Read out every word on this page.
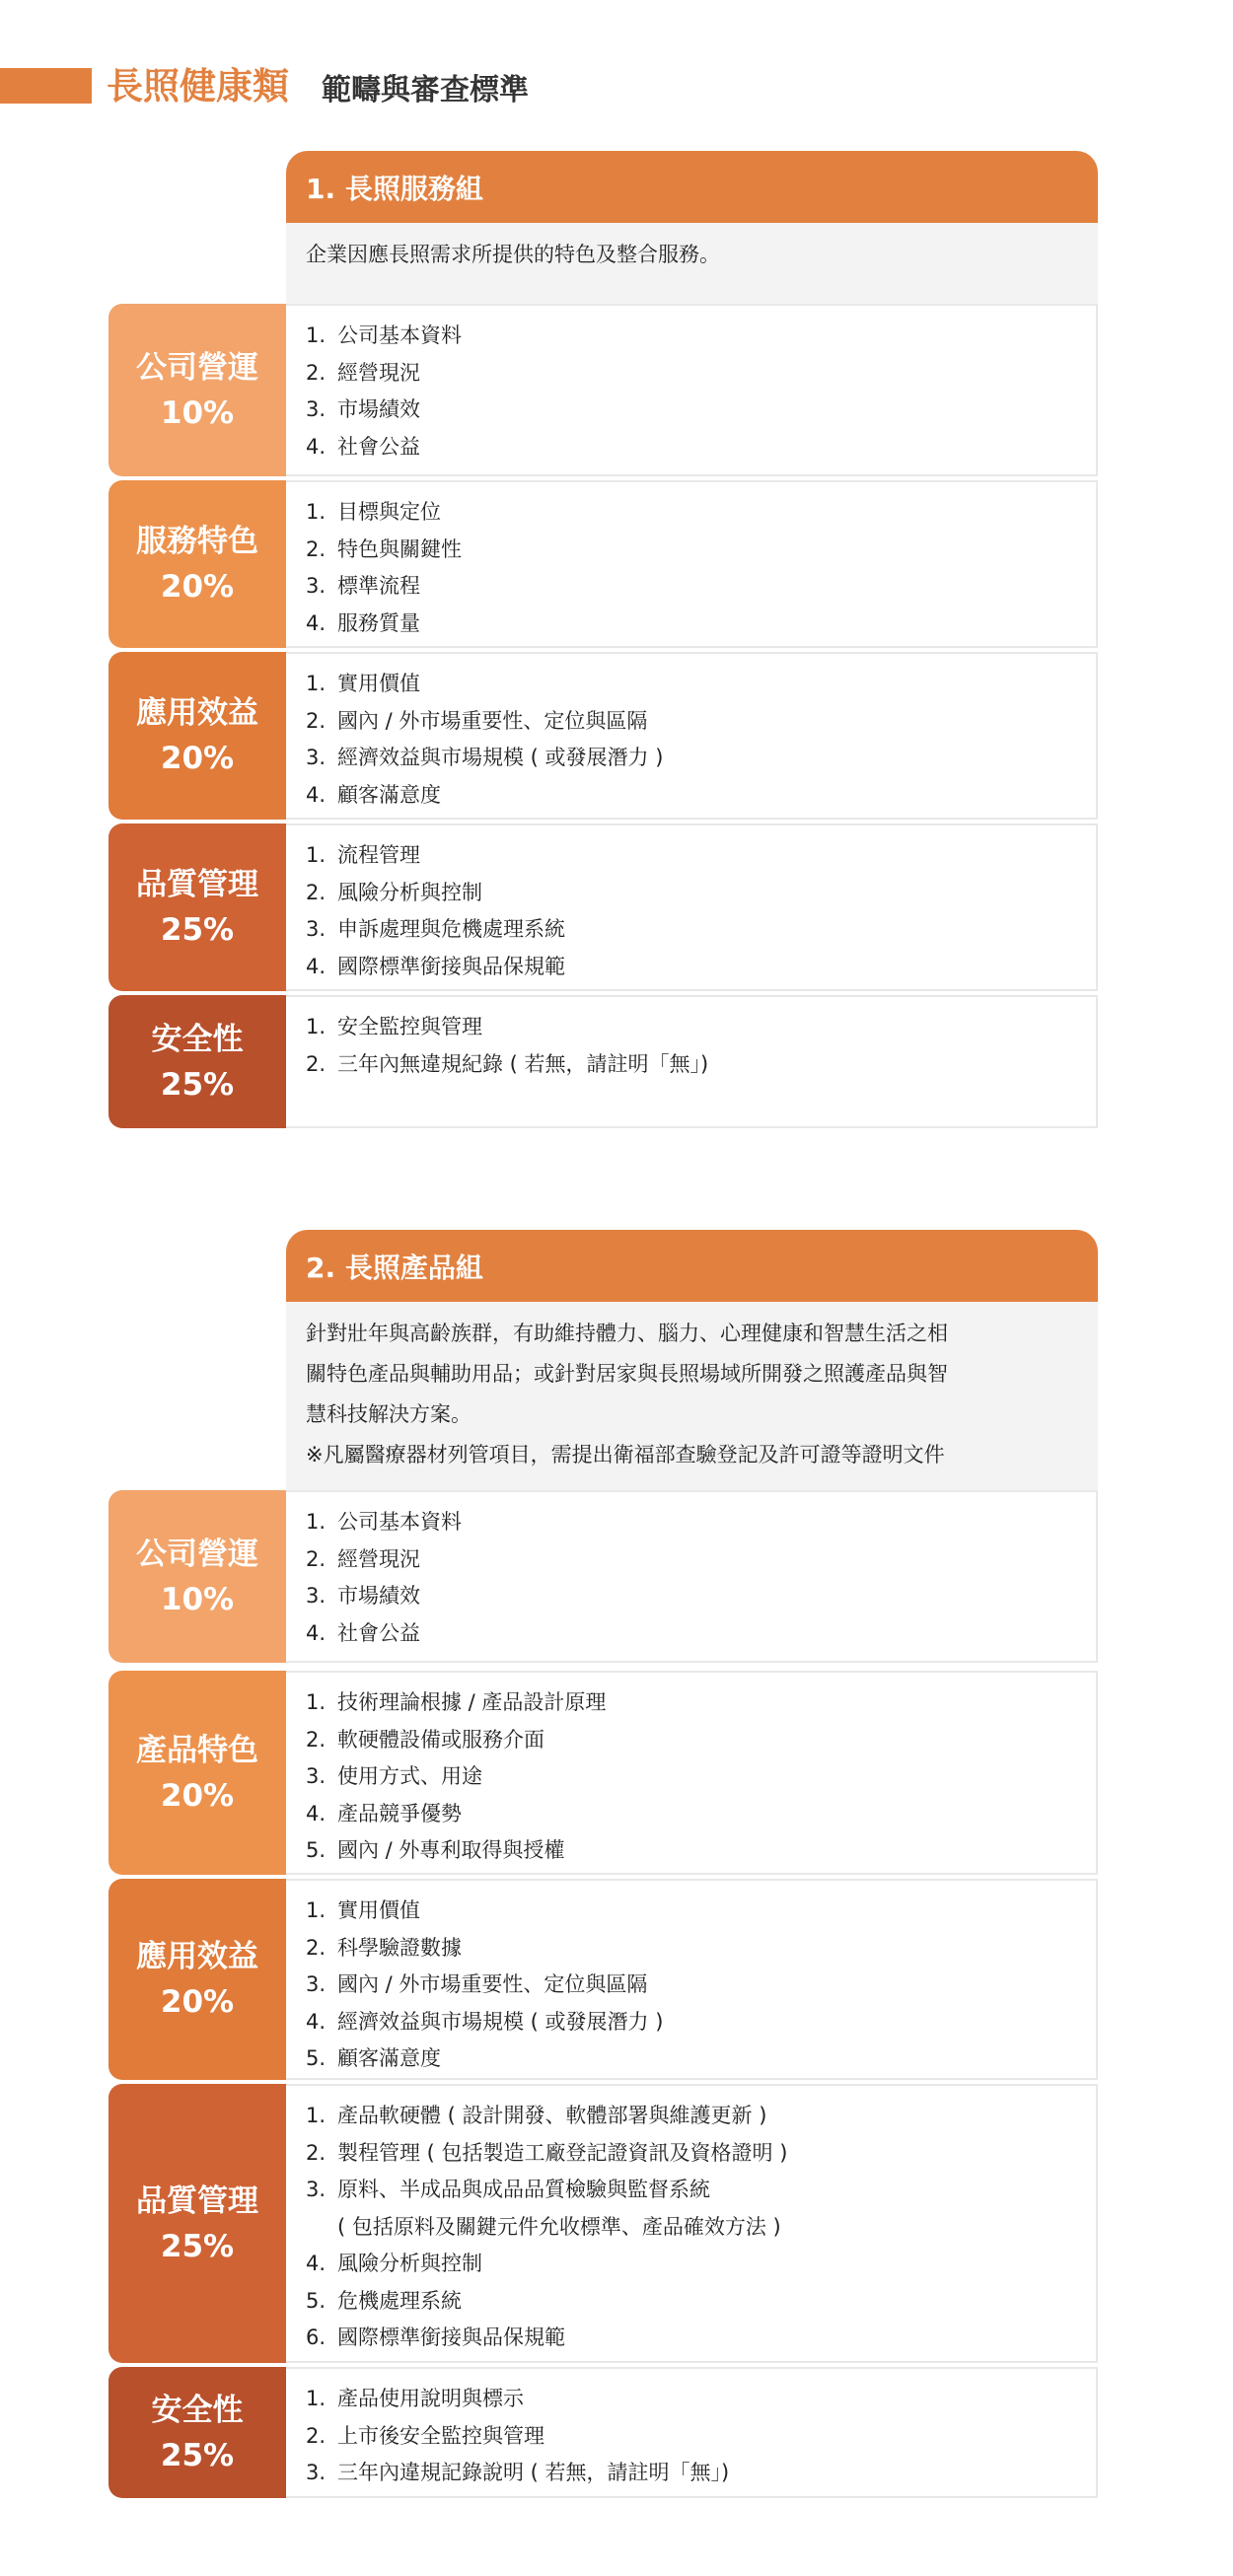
長照健康類 範疇與審查標準
1. 長照服務組

企業因應長照需求所提供的特色及整合服務。

公司營運
10%
1. 公司基本資料
2. 經營現況
3. 市場績效
4. 社會公益
服務特色
20%
1. 目標與定位
2. 特色與關鍵性
3. 標準流程
4. 服務質量
應用效益
20%
1. 實用價值
2. 國內 / 外市場重要性、定位與區隔
3. 經濟效益與市場規模 ( 或發展潛力 )
4. 顧客滿意度
品質管理
25%
1. 流程管理
2. 風險分析與控制
3. 申訴處理與危機處理系統
4. 國際標準銜接與品保規範
安全性
25%
1. 安全監控與管理
2. 三年內無違規紀錄 ( 若無，請註明「無」)
2. 長照產品組

針對壯年與高齡族群，有助維持體力、腦力、心理健康和智慧生活之相

關特色產品與輔助用品；或針對居家與長照場域所開發之照護產品與智

慧科技解決方案。

※凡屬醫療器材列管項目，需提出衛福部查驗登記及許可證等證明文件

公司營運
10%
1. 公司基本資料
2. 經營現況
3. 市場績效
4. 社會公益
產品特色
20%
1. 技術理論根據 / 產品設計原理
2. 軟硬體設備或服務介面
3. 使用方式、用途
4. 產品競爭優勢
5. 國內 / 外專利取得與授權
應用效益
20%
1. 實用價值
2. 科學驗證數據
3. 國內 / 外市場重要性、定位與區隔
4. 經濟效益與市場規模 ( 或發展潛力 )
5. 顧客滿意度
品質管理
25%
1. 產品軟硬體 ( 設計開發、軟體部署與維護更新 )
2. 製程管理 ( 包括製造工廠登記證資訊及資格證明 )
3. 原料、半成品與成品品質檢驗與監督系統
( 包括原料及關鍵元件允收標準、產品確效方法 )
4. 風險分析與控制
5. 危機處理系統
6. 國際標準銜接與品保規範
安全性
25%
1. 產品使用說明與標示
2. 上市後安全監控與管理
3. 三年內違規記錄說明 ( 若無，請註明「無」)
